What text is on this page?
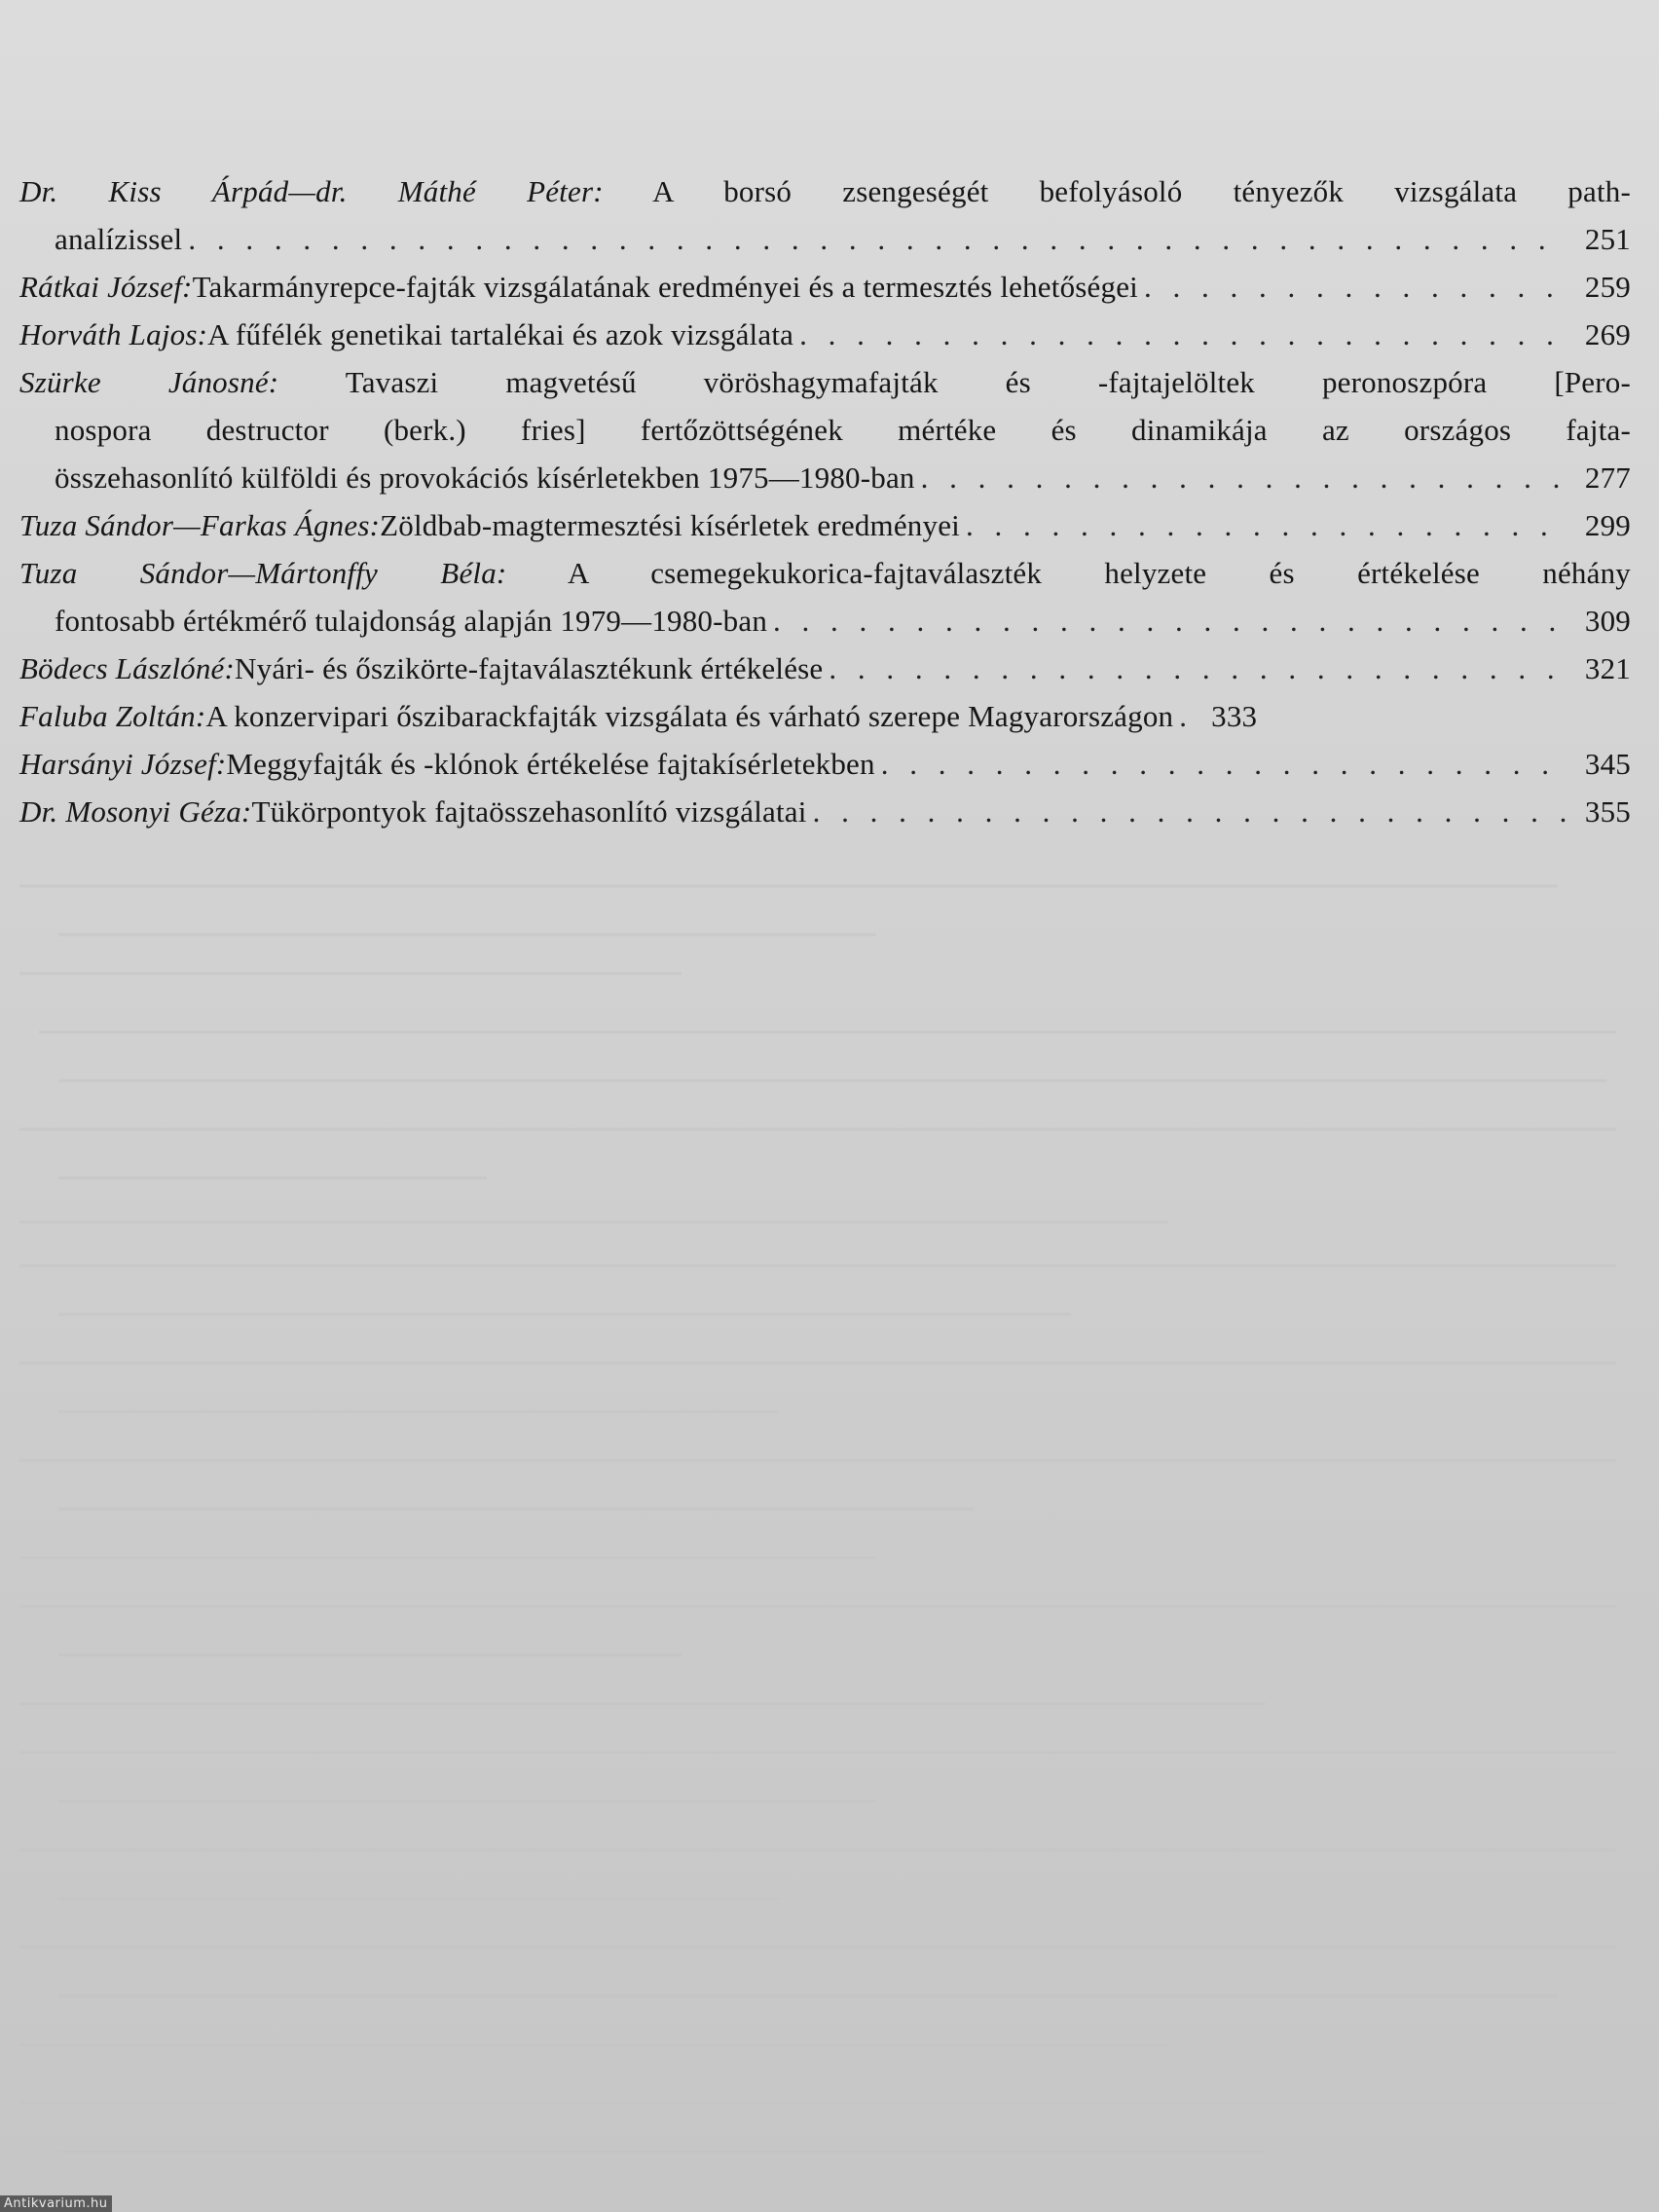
Dr. Kiss Árpád—dr. Máthé Péter: A borsó zsengeségét befolyásoló tényezők vizsgálata path-
analízissel . . .	251
Rátkai József: Takarmányrepce-fajták vizsgálatának eredményei és a termesztés lehetőségei . . .	259
Horváth Lajos: A fűfélék genetikai tartalékai és azok vizsgálata . . .	269
Szürke Jánosné: Tavaszi magvetésű vöröshagymafajták és -fajtajelöltek peronoszpóra [Pero-
nospora destructor (berk.) fries] fertőzöttségének mértéke és dinamikája az országos fajta-
összehasonlító külföldi és provokációs kísérletekben 1975—1980-ban . . .	277
Tuza Sándor—Farkas Ágnes: Zöldbab-magtermesztési kísérletek eredményei . . .	299
Tuza Sándor—Mártonffy Béla: A csemegekukorica-fajtaválaszték helyzete és értékelése néhány
fontosabb értékmérő tulajdonság alapján 1979—1980-ban . . .	309
Bödecs Lászlóné: Nyári- és őszikörte-fajtaválasztékunk értékelése . . .	321
Faluba Zoltán: A konzervipari őszibarackfajták vizsgálata és várható szerepe Magyarországon . . .	333
Harsányi József: Meggyfajták és -klónok értékelése fajtakísérletekben . . .	345
Dr. Mosonyi Géza: Tükörpontyok fajtaösszehasonlító vizsgálatai . . .	355
Antikvarium.hu
